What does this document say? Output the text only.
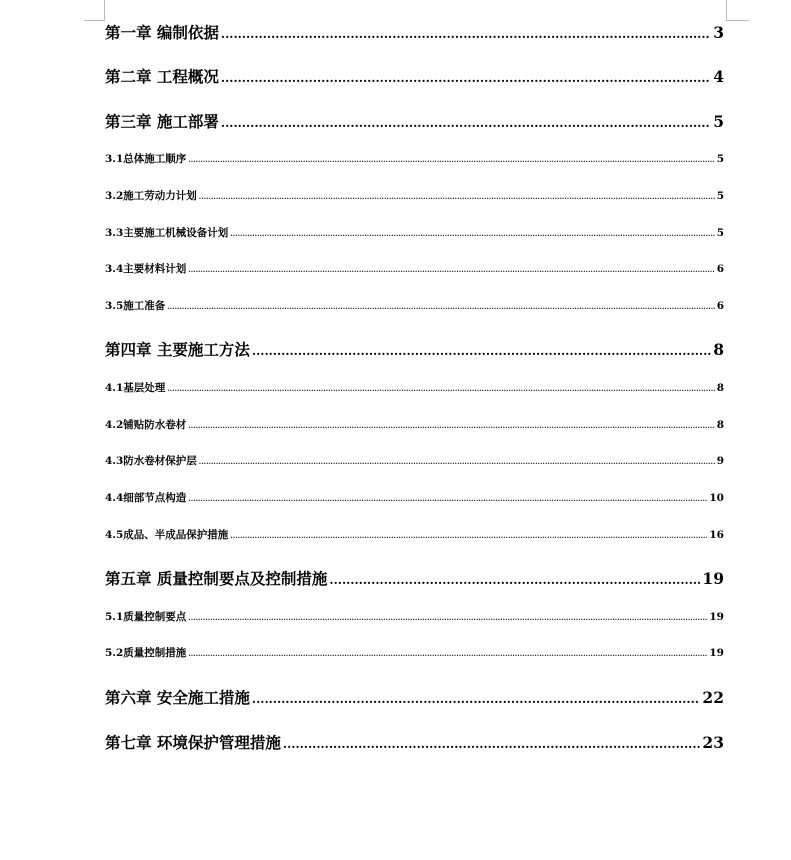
第一章 编制依据 .....	3
第二章 工程概况 .....	4
第三章 施工部署 .....	5
3.1总体施工顺序 .....	5
3.2施工劳动力计划 .....	5
3.3主要施工机械设备计划 .....	5
3.4主要材料计划 .....	6
3.5施工准备 .....	6
第四章 主要施工方法 .....	8
4.1基层处理 .....	8
4.2铺贴防水卷材 .....	8
4.3防水卷材保护层 .....	9
4.4细部节点构造 .....	10
4.5成品、半成品保护措施 .....	16
第五章 质量控制要点及控制措施 .....	19
5.1质量控制要点 .....	19
5.2质量控制措施 .....	19
第六章 安全施工措施 .....	22
第七章 环境保护管理措施 .....	23
